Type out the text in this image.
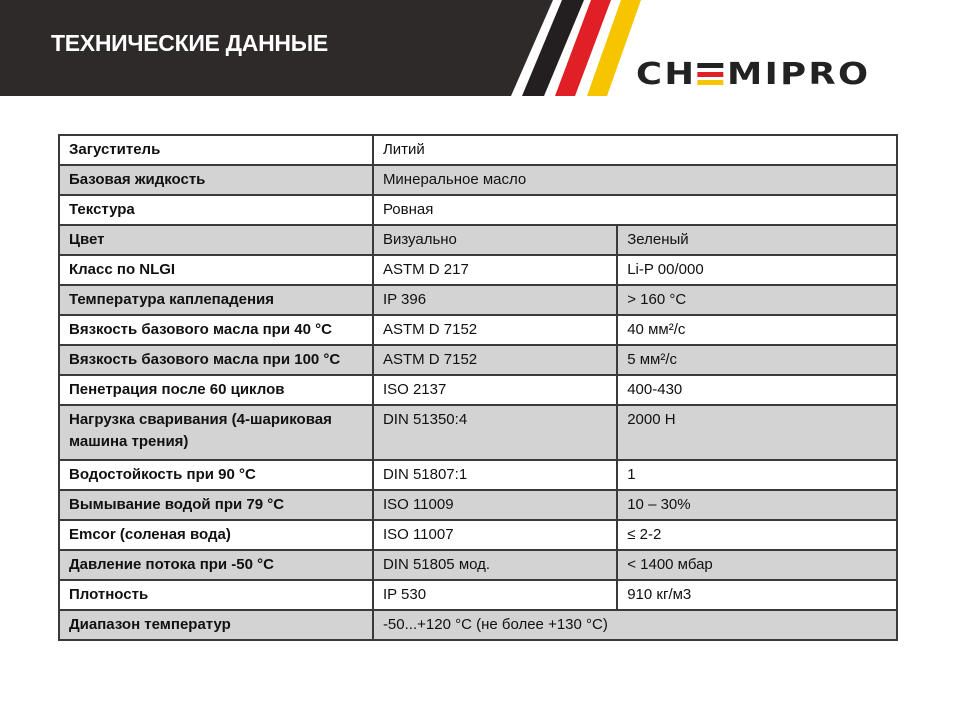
ТЕХНИЧЕСКИЕ ДАННЫЕ
CH MIPRO
Загуститель	Литий	
Базовая жидкость	Минеральное масло	
Текстура	Ровная	
Цвет	Визуально	Зеленый
Класс по NLGI	ASTM D 217	Li-P 00/000
Температура каплепадения	IP 396	> 160 °C
Вязкость базового масла при 40 °C	ASTM D 7152	40 мм²/с
Вязкость базового масла при 100 °C	ASTM D 7152	5 мм²/с
Пенетрация после 60 циклов	ISO 2137	400-430
Нагрузка сваривания (4-шариковая машина трения)	DIN 51350:4	2000 Н
Водостойкость при 90 °C	DIN 51807:1	1
Вымывание водой при 79 °C	ISO 11009	10 – 30%
Emcor (соленая вода)	ISO 11007	≤ 2-2
Давление потока при -50 °C	DIN 51805 мод.	< 1400 мбар
Плотность	IP 530	910 кг/м3
Диапазон температур	-50...+120 °C (не более +130 °C)	
